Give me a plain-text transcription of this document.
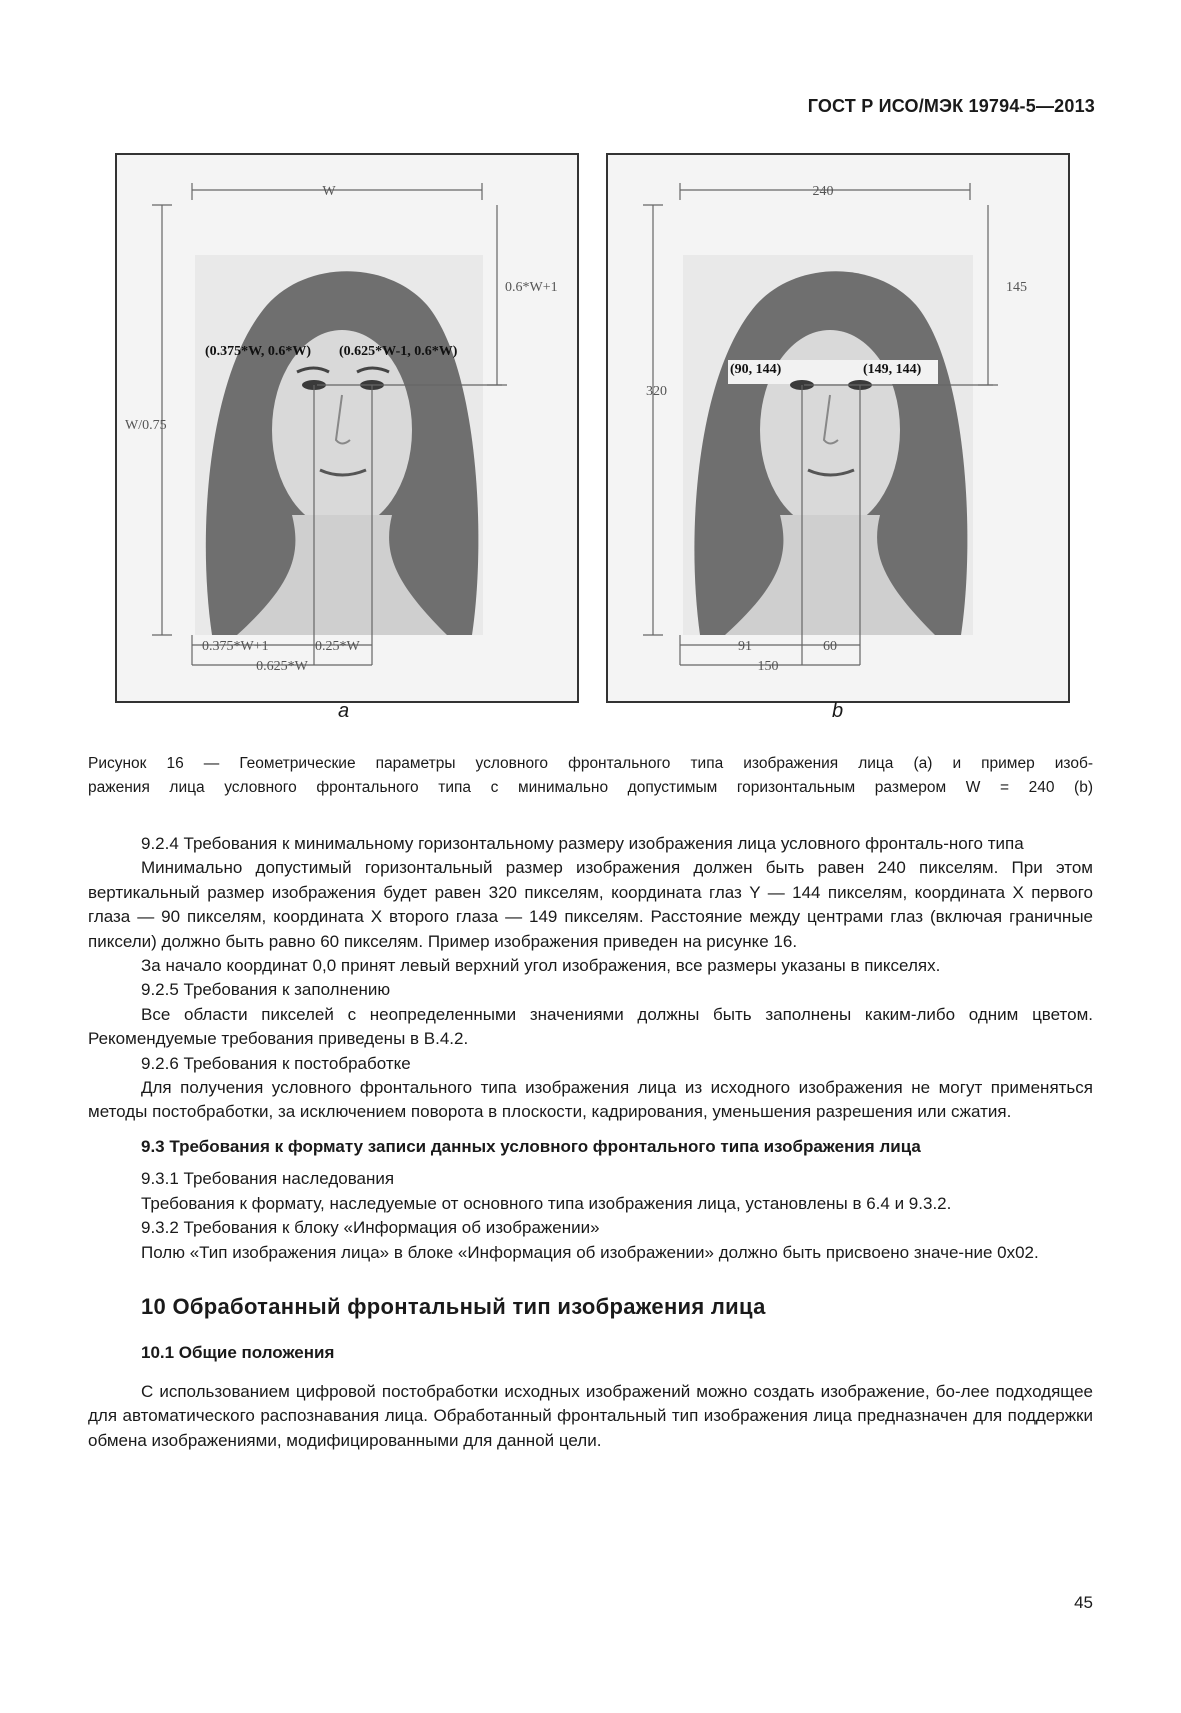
ГОСТ Р ИСО/МЭК 19794-5—2013
W
0.6*W+1
W/0.75
(0.375*W, 0.6*W) (0.625*W-1, 0.6*W)
0.375*W+1	0.25*W
0.625*W
240
145
320
(90, 144)	(149, 144)
91	60
150
a	b
Рисунок 16 — Геометрические параметры условного фронтального типа изображения лица (a) и пример изоб-
ражения лица условного фронтального типа с минимально допустимым горизонтальным размером W = 240 (b)

9.2.4 Требования к минимальному горизонтальному размеру изображения лица условного фронталь-ного типа

Минимально допустимый горизонтальный размер изображения должен быть равен 240 пикселям. При этом вертикальный размер изображения будет равен 320 пикселям, координата глаз Y — 144 пикселям, координата X первого глаза — 90 пикселям, координата X второго глаза — 149 пикселям. Расстояние между центрами глаз (включая граничные пиксели) должно быть равно 60 пикселям. Пример изображения приведен на рисунке 16.

За начало координат 0,0 принят левый верхний угол изображения, все размеры указаны в пикселях.

9.2.5 Требования к заполнению

Все области пикселей с неопределенными значениями должны быть заполнены каким-либо одним цветом. Рекомендуемые требования приведены в В.4.2.

9.2.6 Требования к постобработке

Для получения условного фронтального типа изображения лица из исходного изображения не могут применяться методы постобработки, за исключением поворота в плоскости, кадрирования, уменьшения разрешения или сжатия.

9.3 Требования к формату записи данных условного фронтального типа изображения лица

9.3.1 Требования наследования

Требования к формату, наследуемые от основного типа изображения лица, установлены в 6.4 и 9.3.2.

9.3.2 Требования к блоку «Информация об изображении»

Полю «Тип изображения лица» в блоке «Информация об изображении» должно быть присвоено значе-ние 0x02.

10 Обработанный фронтальный тип изображения лица

10.1 Общие положения

С использованием цифровой постобработки исходных изображений можно создать изображение, бо-лее подходящее для автоматического распознавания лица. Обработанный фронтальный тип изображения лица предназначен для поддержки обмена изображениями, модифицированными для данной цели.

45
